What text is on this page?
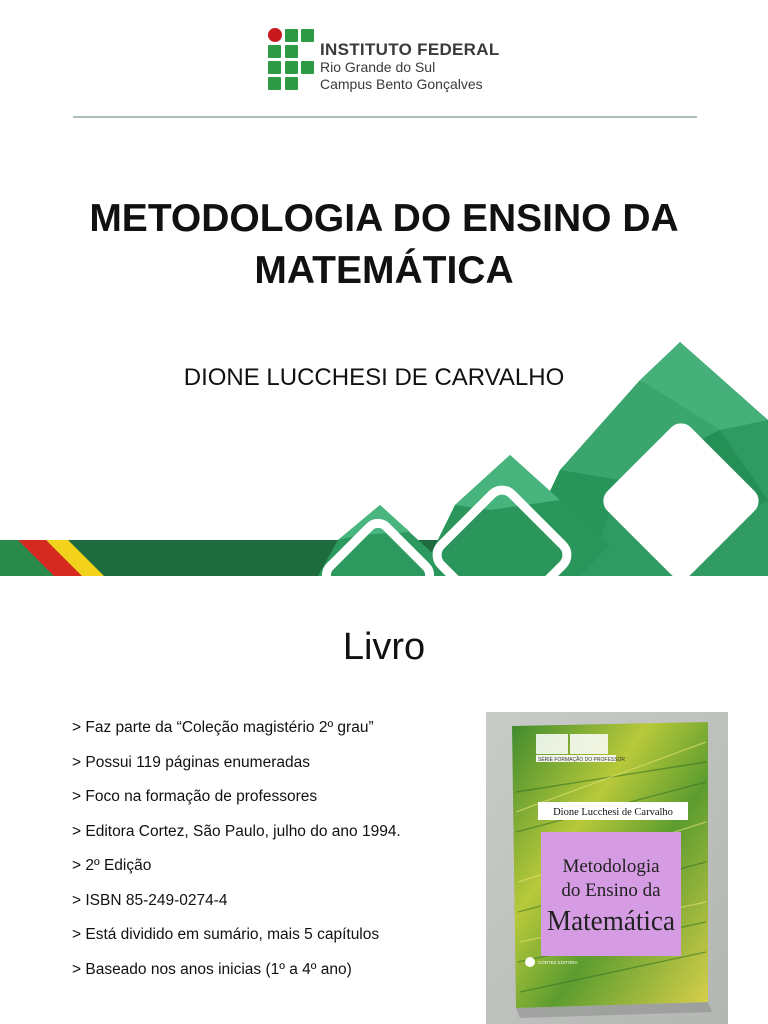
INSTITUTO FEDERAL
Rio Grande do Sul
Campus Bento Gonçalves
METODOLOGIA DO ENSINO DA
MATEMÁTICA
DIONE LUCCHESI DE CARVALHO
Livro
> Faz parte da “Coleção magistério 2º grau”
> Possui 119 páginas enumeradas
> Foco na formação de professores
> Editora Cortez, São Paulo, julho do ano 1994.
> 2º Edição
> ISBN 85-249-0274-4
> Está dividido em sumário, mais 5 capítulos
> Baseado nos anos inicias (1º a 4º ano)
SÉRIE FORMAÇÃO DO PROFESSOR
Dione Lucchesi de Carvalho
Metodologia
do Ensino da
Matemática
CORTEZ EDITORA
